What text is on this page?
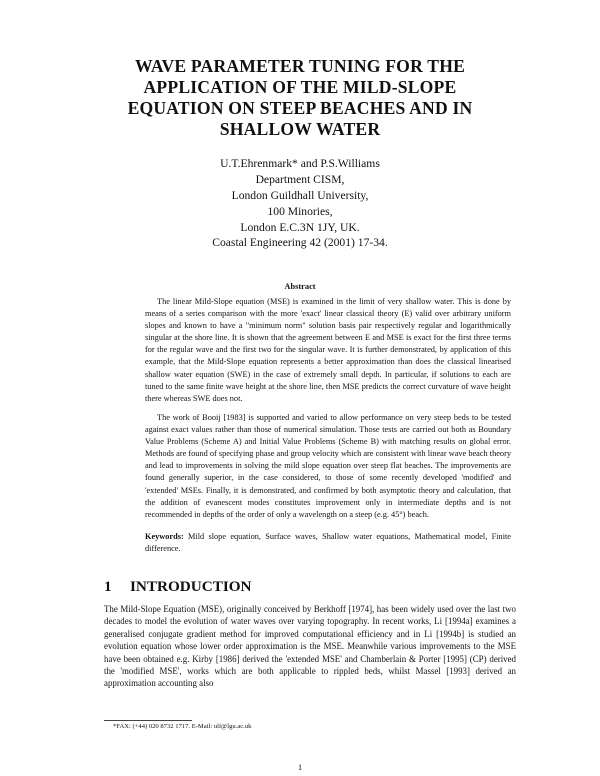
WAVE PARAMETER TUNING FOR THE APPLICATION OF THE MILD-SLOPE EQUATION ON STEEP BEACHES AND IN SHALLOW WATER
U.T.Ehrenmark* and P.S.Williams
Department CISM,
London Guildhall University,
100 Minories,
London E.C.3N 1JY, UK.
Coastal Engineering 42 (2001) 17-34.
Abstract

The linear Mild-Slope equation (MSE) is examined in the limit of very shallow water. This is done by means of a series comparison with the more 'exact' linear classical theory (E) valid over arbitrary uniform slopes and known to have a "minimum norm" solution basis pair respectively regular and logarithmically singular at the shore line. It is shown that the agreement between E and MSE is exact for the first three terms for the regular wave and the first two for the singular wave. It is further demonstrated, by application of this example, that the Mild-Slope equation represents a better approximation than does the classical linearised shallow water equation (SWE) in the case of extremely small depth. In particular, if solutions to each are tuned to the same finite wave height at the shore line, then MSE predicts the correct curvature of wave height there whereas SWE does not.

The work of Booij [1983] is supported and varied to allow performance on very steep beds to be tested against exact values rather than those of numerical simulation. Those tests are carried out both as Boundary Value Problems (Scheme A) and Initial Value Problems (Scheme B) with matching results on global error. Methods are found of specifying phase and group velocity which are consistent with linear wave beach theory and lead to improvements in solving the mild slope equation over steep flat beaches. The improvements are found generally superior, in the case considered, to those of some recently developed 'modified' and 'extended' MSEs. Finally, it is demonstrated, and confirmed by both asymptotic theory and calculation, that the addition of evanescent modes constitutes improvement only in intermediate depths and is not recommended in depths of the order of only a wavelength on a steep (e.g. 45°) beach.

Keywords: Mild slope equation, Surface waves, Shallow water equations, Mathematical model, Finite difference.

1 INTRODUCTION

The Mild-Slope Equation (MSE), originally conceived by Berkhoff [1974], has been widely used over the last two decades to model the evolution of water waves over varying topography. In recent works, Li [1994a] examines a generalised conjugate gradient method for improved computational efficiency and in Li [1994b] is studied an evolution equation whose lower order approximation is the MSE. Meanwhile various improvements to the MSE have been obtained e.g. Kirby [1986] derived the 'extended MSE' and Chamberlain & Porter [1995] (CP) derived the 'modified MSE', works which are both applicable to rippled beds, whilst Massel [1993] derived an approximation accounting also

*FAX: (+44) 020 8732 1717. E-Mail: ulf@lgu.ac.uk
1
